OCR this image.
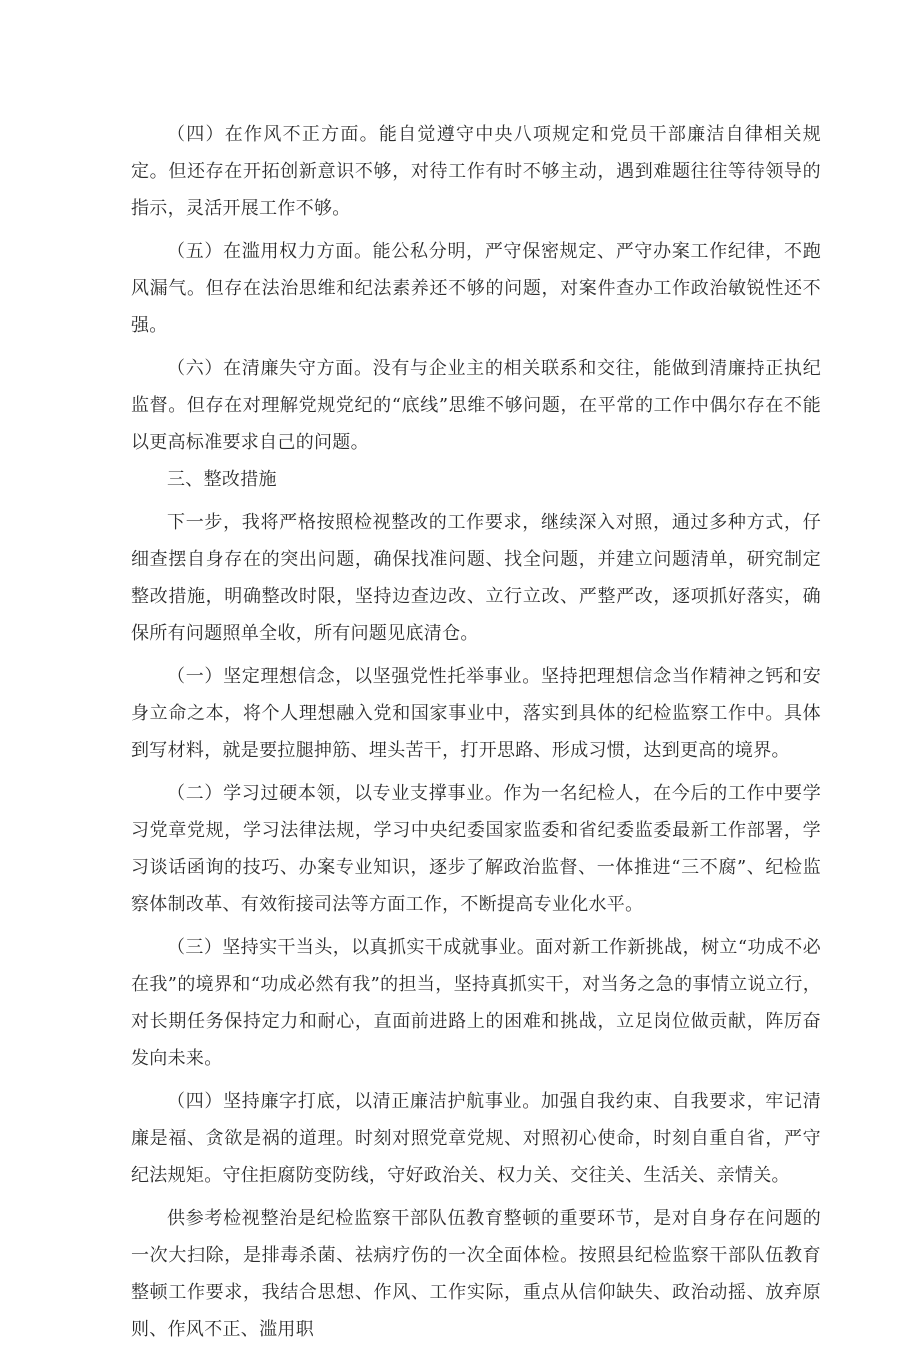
（四）在作风不正方面。能自觉遵守中央八项规定和党员干部廉洁自律相关规定。但还存在开拓创新意识不够，对待工作有时不够主动，遇到难题往往等待领导的指示，灵活开展工作不够。

（五）在滥用权力方面。能公私分明，严守保密规定、严守办案工作纪律，不跑风漏气。但存在法治思维和纪法素养还不够的问题，对案件查办工作政治敏锐性还不强。

（六）在清廉失守方面。没有与企业主的相关联系和交往，能做到清廉持正执纪监督。但存在对理解党规党纪的“底线”思维不够问题，在平常的工作中偶尔存在不能以更高标准要求自己的问题。

三、整改措施

下一步，我将严格按照检视整改的工作要求，继续深入对照，通过多种方式，仔细查摆自身存在的突出问题，确保找准问题、找全问题，并建立问题清单，研究制定整改措施，明确整改时限，坚持边查边改、立行立改、严整严改，逐项抓好落实，确保所有问题照单全收，所有问题见底清仓。

（一）坚定理想信念，以坚强党性托举事业。坚持把理想信念当作精神之钙和安身立命之本，将个人理想融入党和国家事业中，落实到具体的纪检监察工作中。具体到写材料，就是要拉腿抻筋、埋头苦干，打开思路、形成习惯，达到更高的境界。

（二）学习过硬本领，以专业支撑事业。作为一名纪检人，在今后的工作中要学习党章党规，学习法律法规，学习中央纪委国家监委和省纪委监委最新工作部署，学习谈话函询的技巧、办案专业知识，逐步了解政治监督、一体推进“三不腐”、纪检监察体制改革、有效衔接司法等方面工作，不断提高专业化水平。

（三）坚持实干当头，以真抓实干成就事业。面对新工作新挑战，树立“功成不必在我”的境界和“功成必然有我”的担当，坚持真抓实干，对当务之急的事情立说立行，对长期任务保持定力和耐心，直面前进路上的困难和挑战，立足岗位做贡献，阵厉奋发向未来。

（四）坚持廉字打底，以清正廉洁护航事业。加强自我约束、自我要求，牢记清廉是福、贪欲是祸的道理。时刻对照党章党规、对照初心使命，时刻自重自省，严守纪法规矩。守住拒腐防变防线，守好政治关、权力关、交往关、生活关、亲情关。

供参考检视整治是纪检监察干部队伍教育整顿的重要环节，是对自身存在问题的一次大扫除，是排毒杀菌、祛病疗伤的一次全面体检。按照县纪检监察干部队伍教育整顿工作要求，我结合思想、作风、工作实际，重点从信仰缺失、政治动摇、放弃原则、作风不正、滥用职
